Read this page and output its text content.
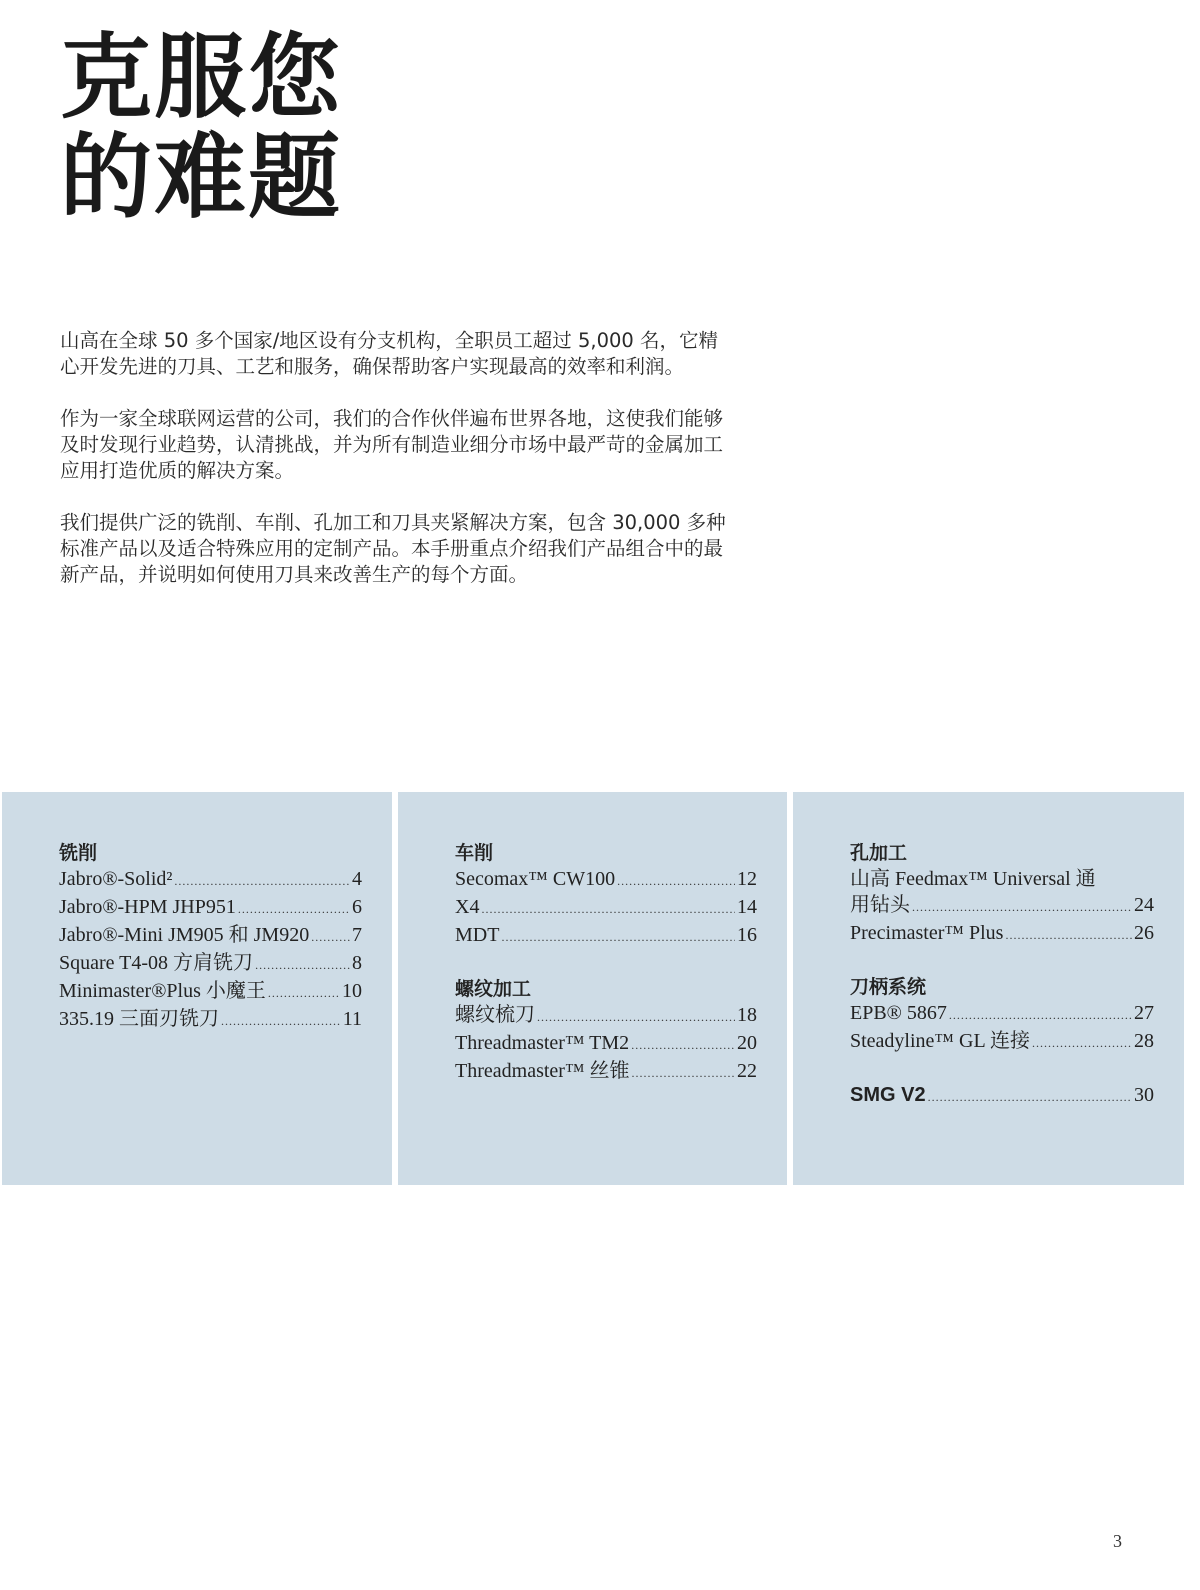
克服您
的难题

山高在全球 50 多个国家/地区设有分支机构，全职员工超过 5,000 名，它精心开发先进的刀具、工艺和服务，确保帮助客户实现最高的效率和利润。

作为一家全球联网运营的公司，我们的合作伙伴遍布世界各地，这使我们能够及时发现行业趋势，认清挑战，并为所有制造业细分市场中最严苛的金属加工应用打造优质的解决方案。

我们提供广泛的铣削、车削、孔加工和刀具夹紧解决方案，包含 30,000 多种标准产品以及适合特殊应用的定制产品。本手册重点介绍我们产品组合中的最新产品，并说明如何使用刀具来改善生产的每个方面。

铣削
Jabro®-Solid² .....	4
Jabro®-HPM JHP951 .....	6
Jabro®-Mini JM905 和 JM920 ..... 7
Square T4-08 方肩铣刀 .....	8
Minimaster®Plus 小魔王 .....	10
335.19 三面刃铣刀 .....	11
车削
Secomax™ CW100 .....	12
X4 .....	14
MDT .....	16
螺纹加工
螺纹梳刀 .....	18
Threadmaster™ TM2 .....	20
Threadmaster™ 丝锥 .....	22
孔加工
山高 Feedmax™ Universal 通
用钻头 .....	24
Precimaster™ Plus .....	26
刀柄系统
EPB® 5867 .....	27
Steadyline™ GL 连接 .....	28
SMG V2 .....	30
3
